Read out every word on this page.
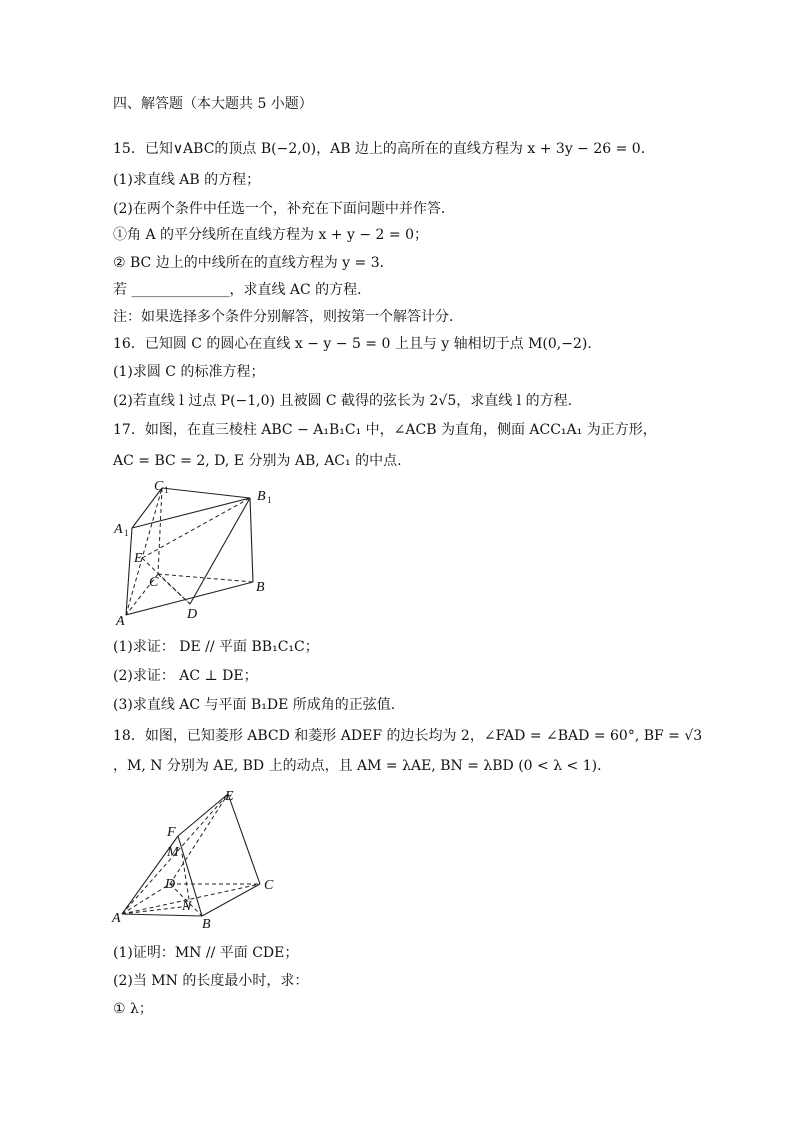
四、解答题（本大题共 5 小题）
15．已知∨ABC的顶点 B(−2,0)，AB 边上的高所在的直线方程为 x + 3y − 26 = 0．
(1)求直线 AB 的方程；
(2)在两个条件中任选一个，补充在下面问题中并作答．
①角 A 的平分线所在直线方程为 x + y − 2 = 0；
② BC 边上的中线所在的直线方程为 y = 3．
若 ______________，求直线 AC 的方程．
注：如果选择多个条件分别解答，则按第一个解答计分．
16．已知圆 C 的圆心在直线 x − y − 5 = 0 上且与 y 轴相切于点 M(0,−2).
(1)求圆 C 的标准方程；
(2)若直线 l 过点 P(−1,0) 且被圆 C 截得的弦长为 2√5，求直线 l 的方程.
17．如图，在直三棱柱 ABC − A₁B₁C₁ 中，∠ACB 为直角，侧面 ACC₁A₁ 为正方形，
AC = BC = 2, D, E 分别为 AB, AC₁ 的中点.
C 1	B 1
A 1
E
C	B
D
A
(1)求证： DE // 平面 BB₁C₁C；
(2)求证： AC ⊥ DE；
(3)求直线 AC 与平面 B₁DE 所成角的正弦值.
18．如图，已知菱形 ABCD 和菱形 ADEF 的边长均为 2，∠FAD = ∠BAD = 60°, BF = √3
，M, N 分别为 AE, BD 上的动点，且 AM = λAE, BN = λBD (0 < λ < 1)．
E
F
M
D	C
N
A	B
(1)证明：MN // 平面 CDE；
(2)当 MN 的长度最小时，求：
① λ；
